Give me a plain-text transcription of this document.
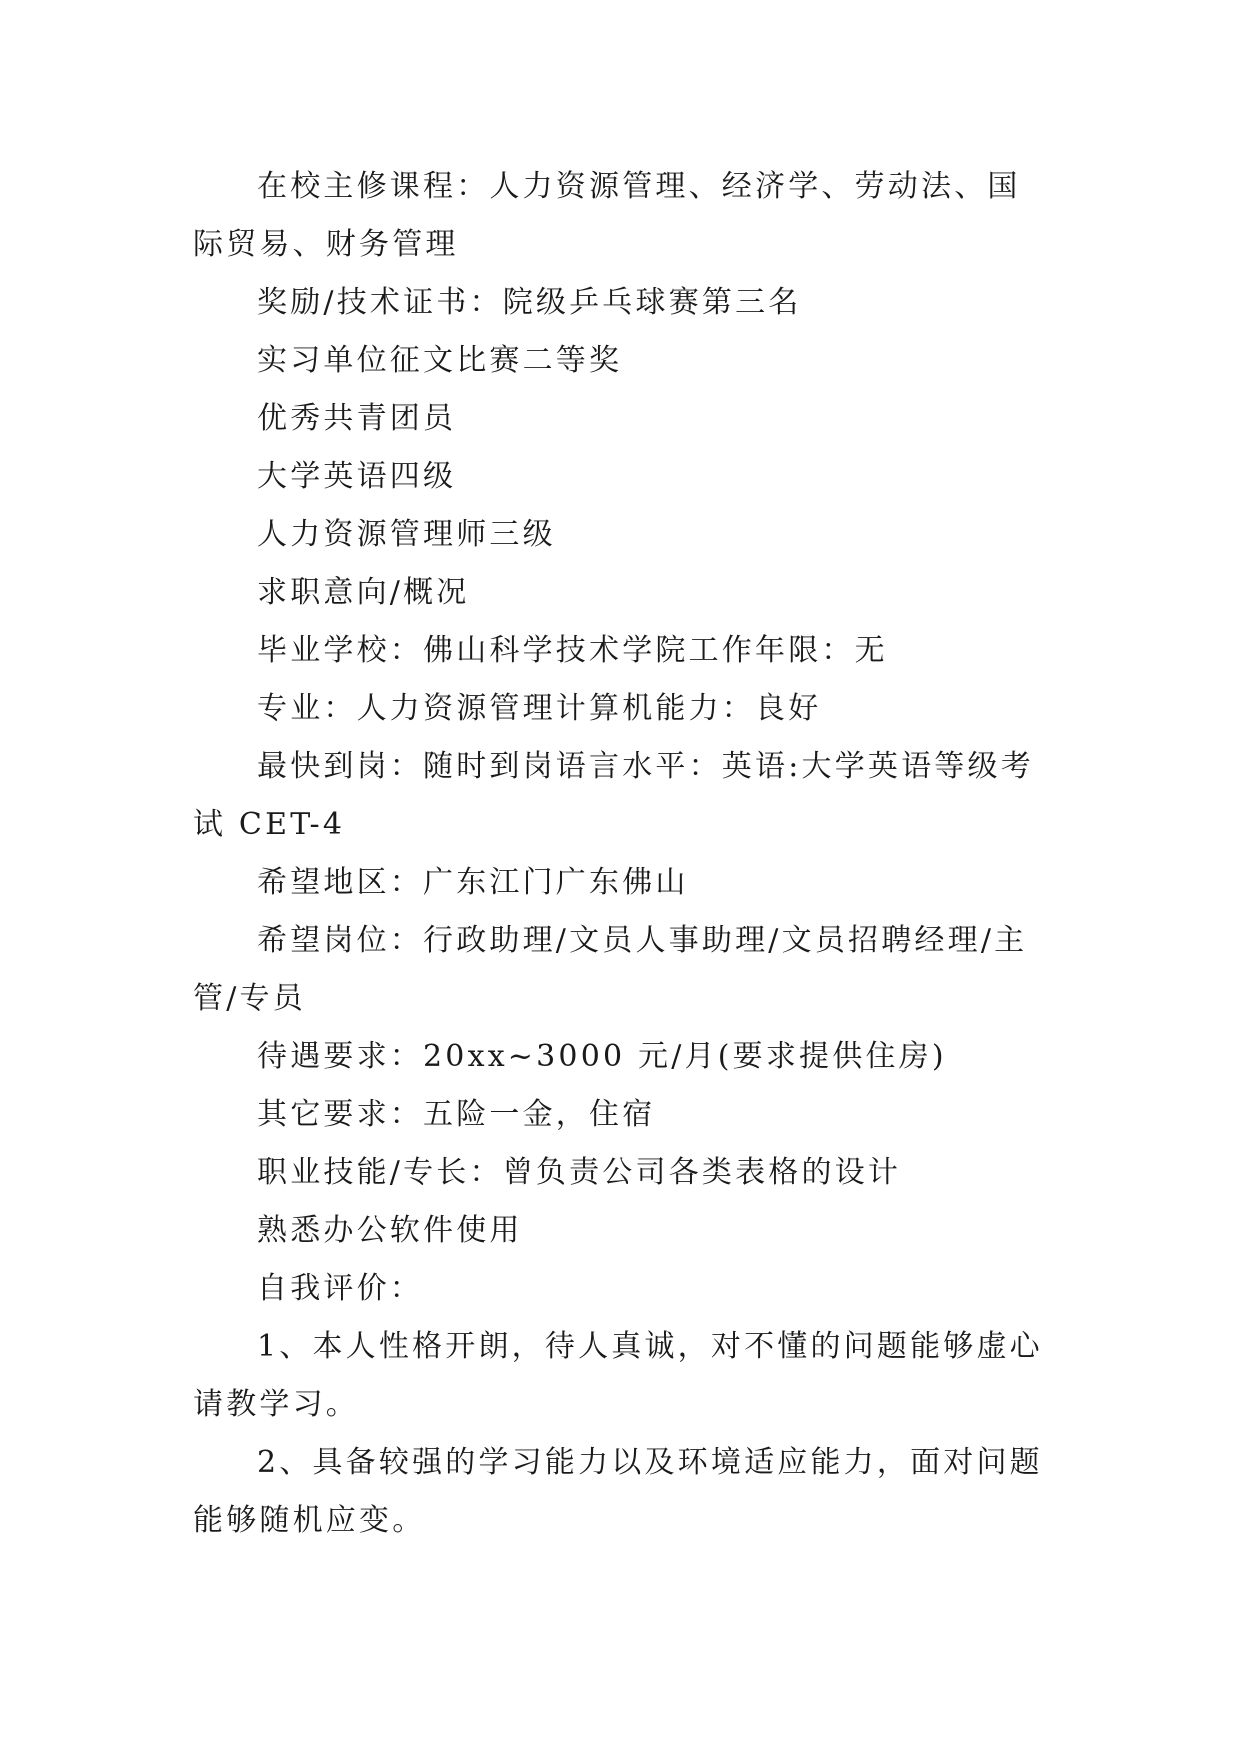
在校主修课程：人力资源管理、经济学、劳动法、国际贸易、财务管理

奖励/技术证书：院级乒乓球赛第三名

实习单位征文比赛二等奖

优秀共青团员

大学英语四级

人力资源管理师三级

求职意向/概况

毕业学校：佛山科学技术学院工作年限：无

专业：人力资源管理计算机能力：良好

最快到岗：随时到岗语言水平：英语:大学英语等级考试 CET-4

希望地区：广东江门广东佛山

希望岗位：行政助理/文员人事助理/文员招聘经理/主管/专员

待遇要求：20xx~3000 元/月(要求提供住房)

其它要求：五险一金，住宿

职业技能/专长：曾负责公司各类表格的设计

熟悉办公软件使用

自我评价：

1、本人性格开朗，待人真诚，对不懂的问题能够虚心请教学习。

2、具备较强的学习能力以及环境适应能力，面对问题能够随机应变。
